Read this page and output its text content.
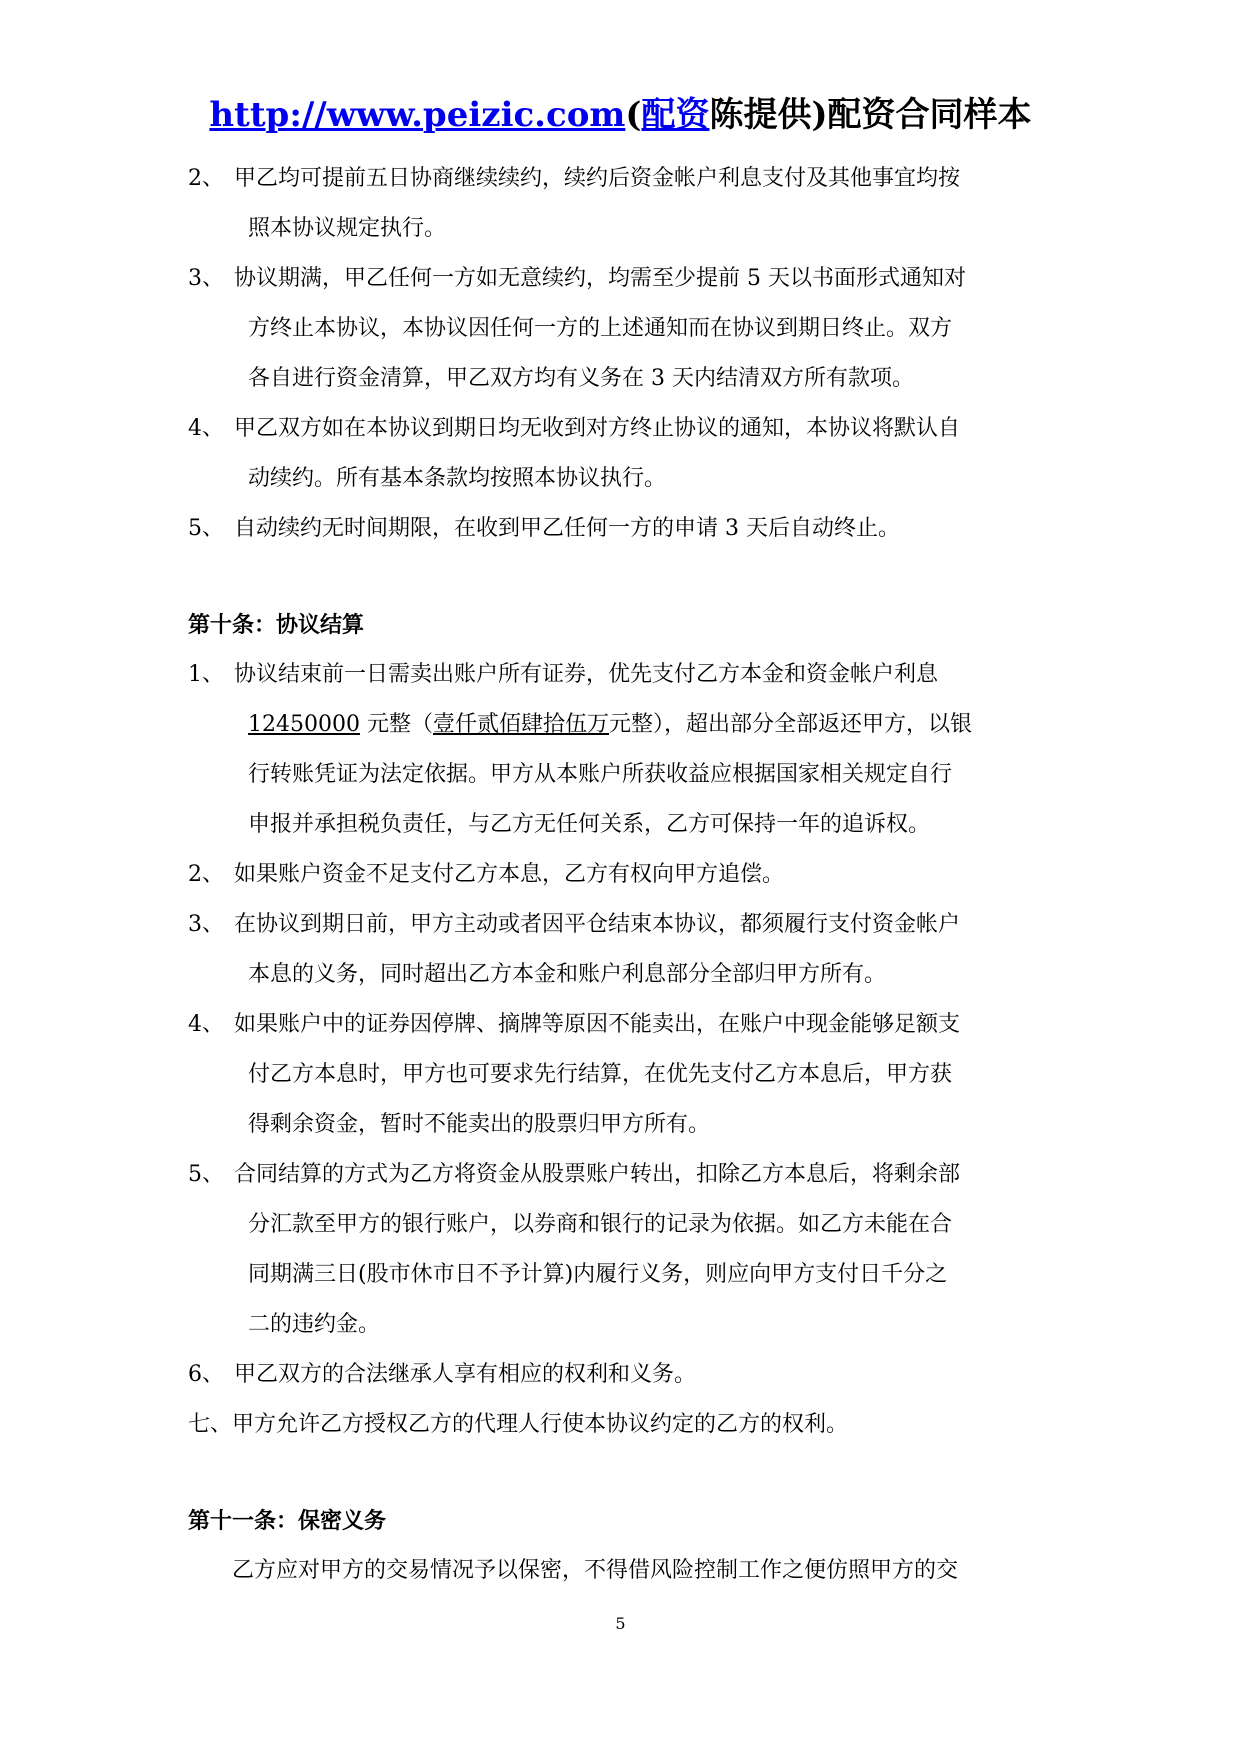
http://www.peizic.com(配资陈提供)配资合同样本
2、 甲乙均可提前五日协商继续续约，续约后资金帐户利息支付及其他事宜均按
照本协议规定执行。
3、 协议期满，甲乙任何一方如无意续约，均需至少提前 5 天以书面形式通知对
方终止本协议，本协议因任何一方的上述通知而在协议到期日终止。双方
各自进行资金清算，甲乙双方均有义务在 3 天内结清双方所有款项。
4、 甲乙双方如在本协议到期日均无收到对方终止协议的通知，本协议将默认自
动续约。所有基本条款均按照本协议执行。
5、 自动续约无时间期限，在收到甲乙任何一方的申请 3 天后自动终止。
第十条：协议结算
1、 协议结束前一日需卖出账户所有证券，优先支付乙方本金和资金帐户利息
12450000 元整（壹仟贰佰肆拾伍万元整），超出部分全部返还甲方，以银
行转账凭证为法定依据。甲方从本账户所获收益应根据国家相关规定自行
申报并承担税负责任，与乙方无任何关系，乙方可保持一年的追诉权。
2、 如果账户资金不足支付乙方本息，乙方有权向甲方追偿。
3、 在协议到期日前，甲方主动或者因平仓结束本协议，都须履行支付资金帐户
本息的义务，同时超出乙方本金和账户利息部分全部归甲方所有。
4、 如果账户中的证券因停牌、摘牌等原因不能卖出，在账户中现金能够足额支
付乙方本息时，甲方也可要求先行结算，在优先支付乙方本息后，甲方获
得剩余资金，暂时不能卖出的股票归甲方所有。
5、 合同结算的方式为乙方将资金从股票账户转出，扣除乙方本息后，将剩余部
分汇款至甲方的银行账户，以券商和银行的记录为依据。如乙方未能在合
同期满三日(股市休市日不予计算)内履行义务，则应向甲方支付日千分之
二的违约金。
6、 甲乙双方的合法继承人享有相应的权利和义务。
七、甲方允许乙方授权乙方的代理人行使本协议约定的乙方的权利。
第十一条：保密义务
乙方应对甲方的交易情况予以保密，不得借风险控制工作之便仿照甲方的交
5
